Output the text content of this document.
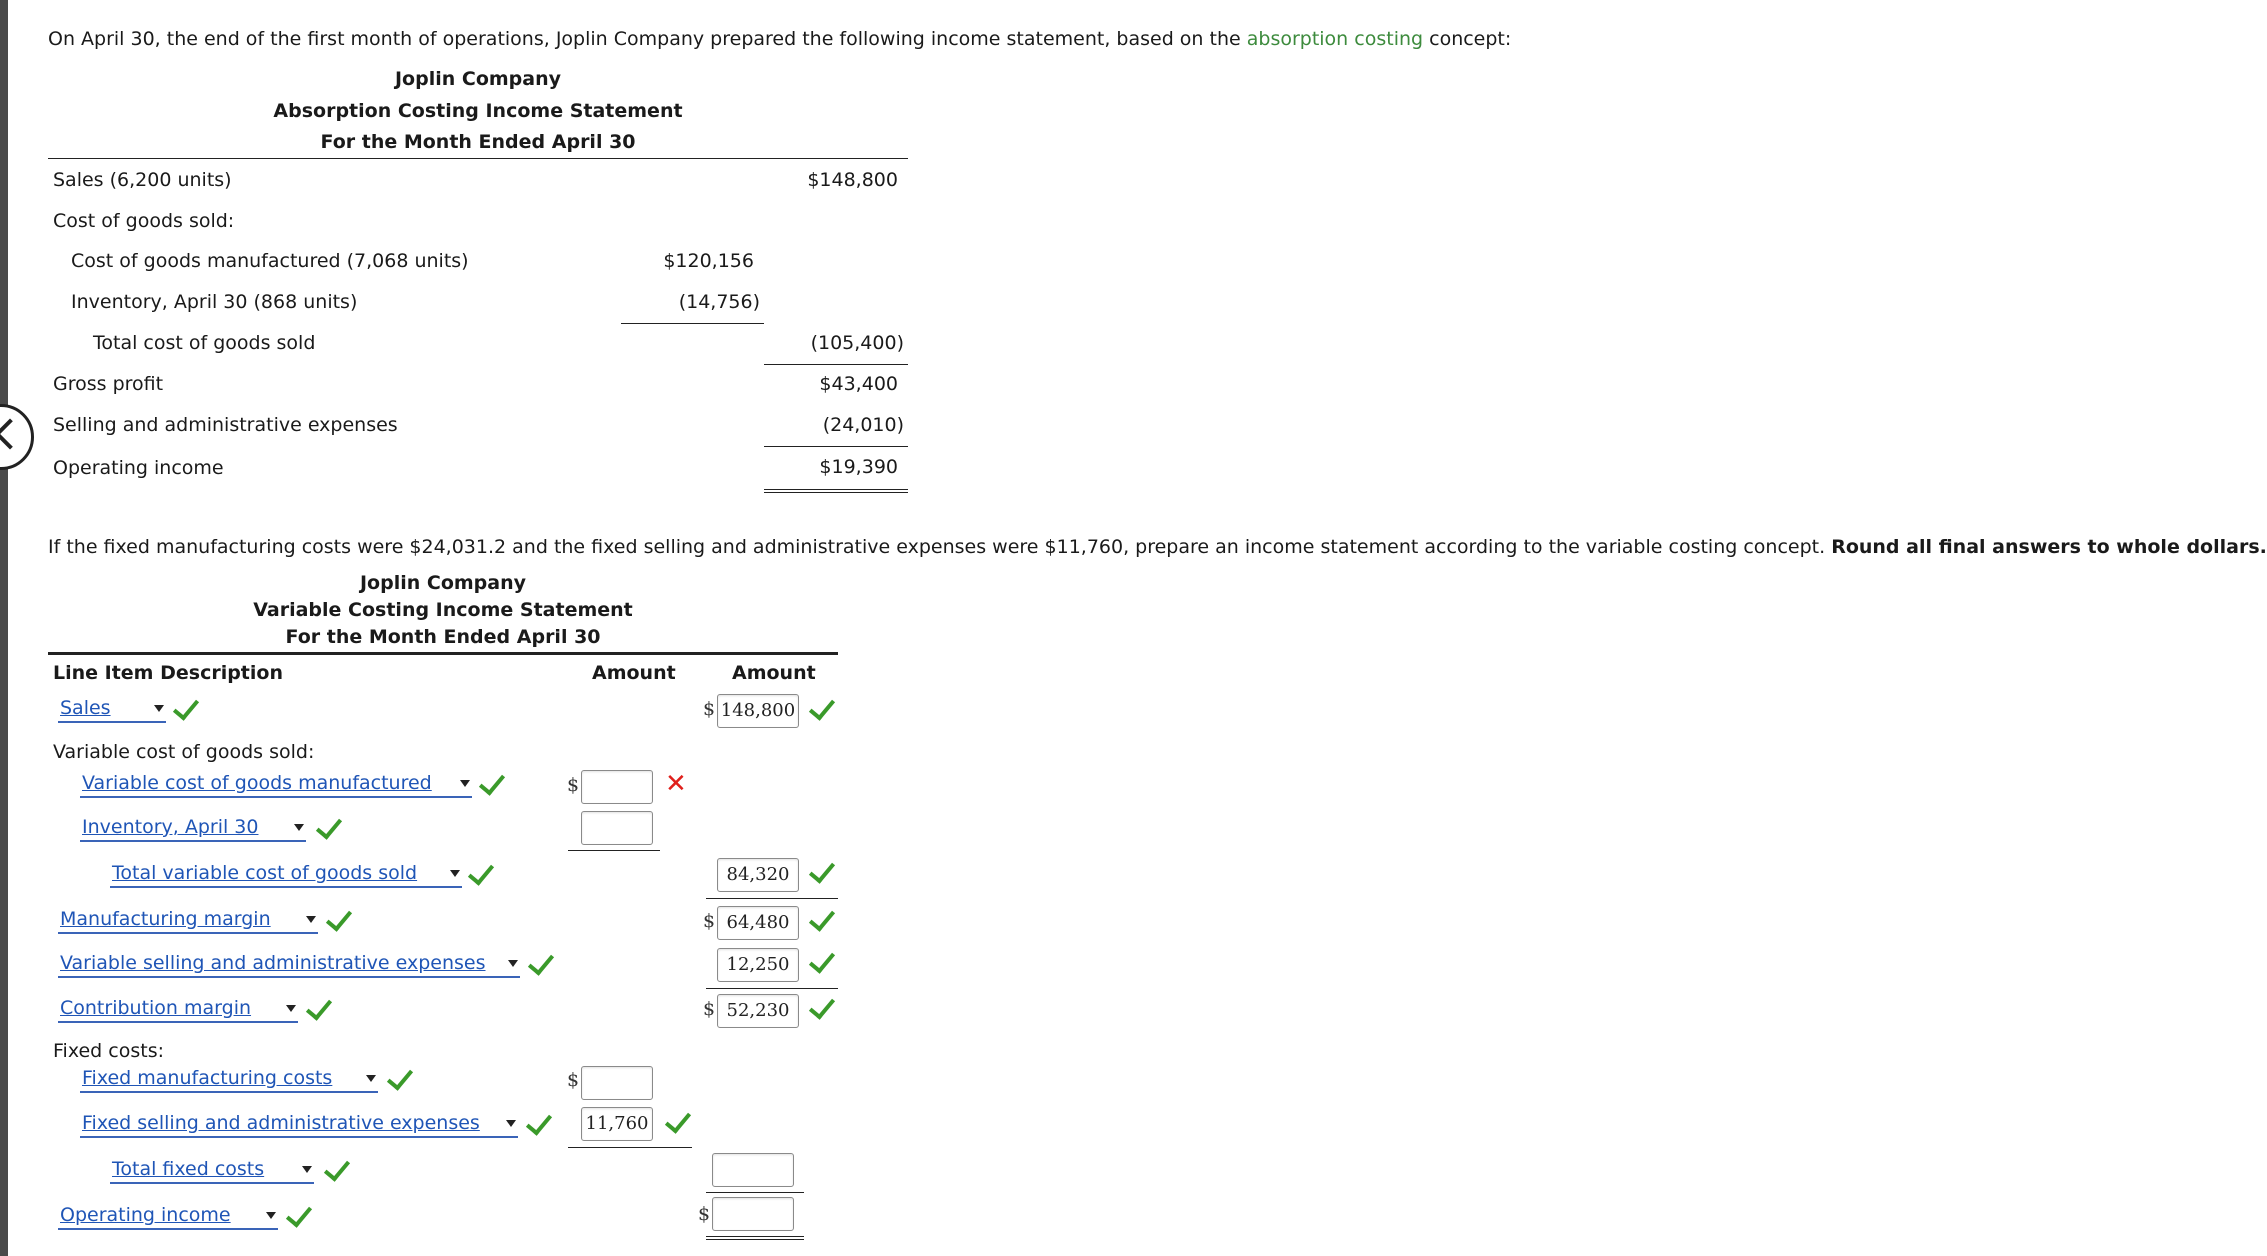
On April 30, the end of the first month of operations, Joplin Company prepared the following income statement, based on the absorption costing concept:
Joplin Company
Absorption Costing Income Statement
For the Month Ended April 30
Sales (6,200 units)	$148,800
Cost of goods sold:
Cost of goods manufactured (7,068 units)	$120,156
Inventory, April 30 (868 units)	(14,756)
Total cost of goods sold	(105,400)
Gross profit	$43,400
Selling and administrative expenses	(24,010)
Operating income	$19,390
If the fixed manufacturing costs were $24,031.2 and the fixed selling and administrative expenses were $11,760, prepare an income statement according to the variable costing concept. Round all final answers to whole dollars.
Joplin Company
Variable Costing Income Statement
For the Month Ended April 30
Line Item Description	Amount	Amount
Sales	$ 148,800
Variable cost of goods sold:
Variable cost of goods manufactured	$	✕
Inventory, April 30
Total variable cost of goods sold	84,320
Manufacturing margin	$ 64,480
Variable selling and administrative expenses	12,250
Contribution margin	$ 52,230
Fixed costs:
Fixed manufacturing costs	$
Fixed selling and administrative expenses	11,760
Total fixed costs
Operating income	$
